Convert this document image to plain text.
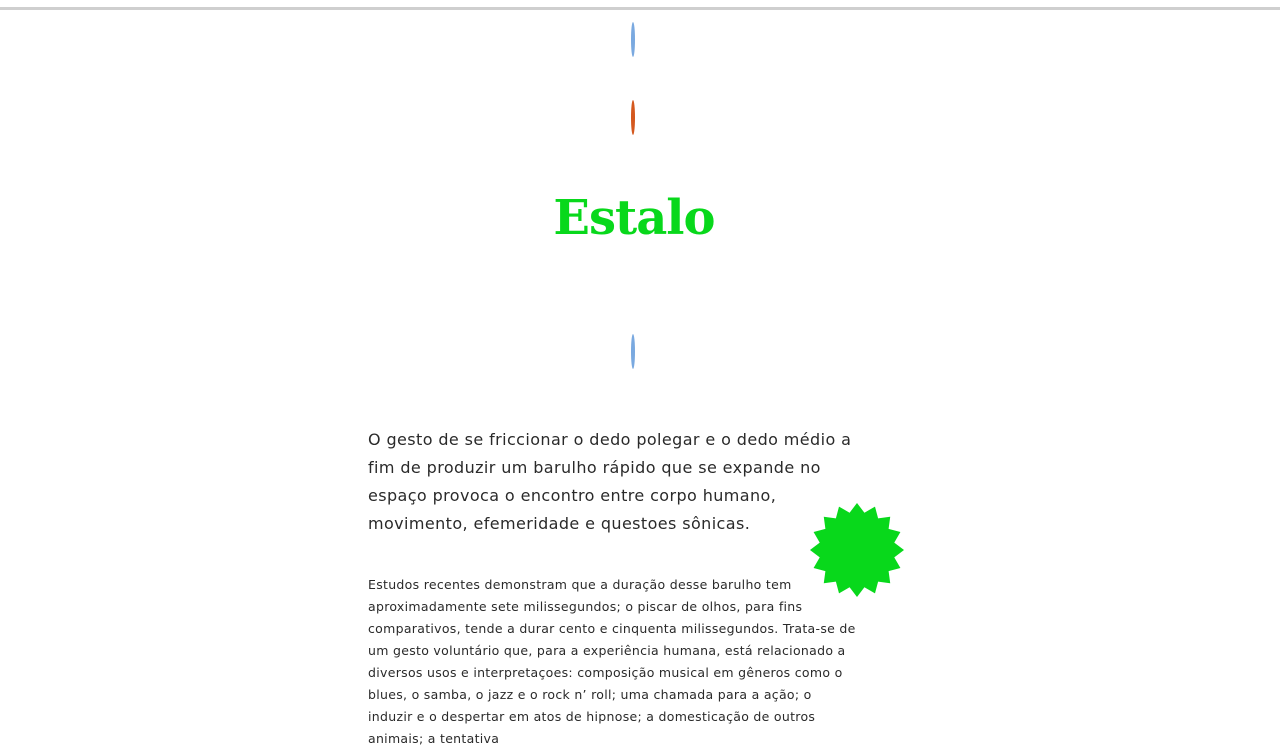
Estalo

O gesto de se friccionar o dedo polegar e o dedo médio a fim de produzir um barulho rápido que se expande no espaço provoca o encontro entre corpo humano, movimento, efemeridade e questoes sônicas.

Estudos recentes demonstram que a duração desse barulho tem aproximadamente sete milissegundos; o piscar de olhos, para fins comparativos, tende a durar cento e cinquenta milissegundos. Trata-se de um gesto voluntário que, para a experiência humana, está relacionado a diversos usos e interpretaçoes: composição musical em gêneros como o blues, o samba, o jazz e o rock n’ roll; uma chamada para a ação; o induzir e o despertar em atos de hipnose; a domesticação de outros animais; a tentativa
